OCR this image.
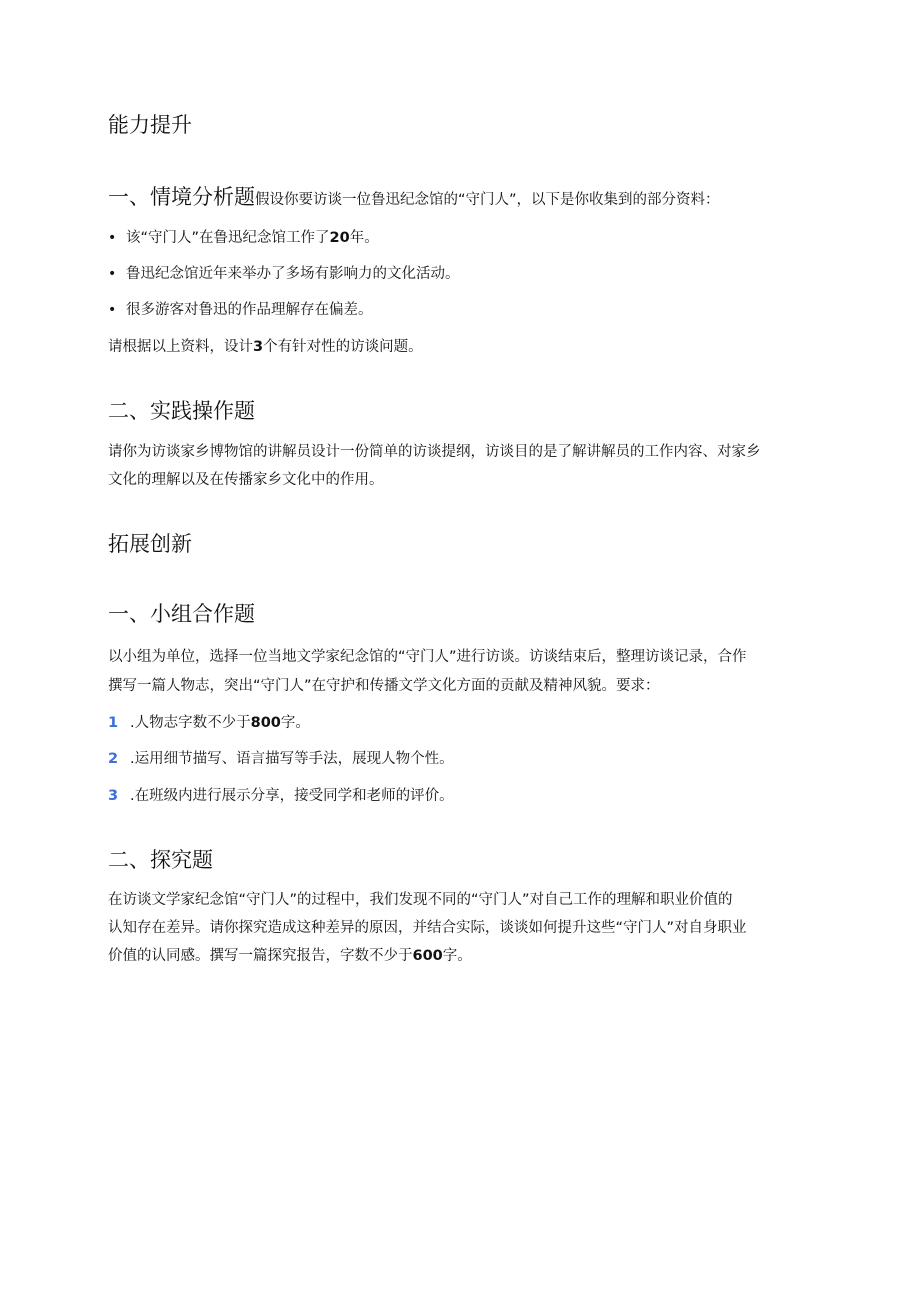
能力提升
一、情境分析题假设你要访谈一位鲁迅纪念馆的“守门人”，以下是你收集到的部分资料：
• 该“守门人”在鲁迅纪念馆工作了20年。
• 鲁迅纪念馆近年来举办了多场有影响力的文化活动。
• 很多游客对鲁迅的作品理解存在偏差。

请根据以上资料，设计3个有针对性的访谈问题。

二、实践操作题

请你为访谈家乡博物馆的讲解员设计一份简单的访谈提纲，访谈目的是了解讲解员的工作内容、对家乡

文化的理解以及在传播家乡文化中的作用。

拓展创新
一、小组合作题

以小组为单位，选择一位当地文学家纪念馆的“守门人”进行访谈。访谈结束后，整理访谈记录，合作

撰写一篇人物志，突出“守门人”在守护和传播文学文化方面的贡献及精神风貌。要求：

1 .人物志字数不少于800字。
2 .运用细节描写、语言描写等手法，展现人物个性。
3 .在班级内进行展示分享，接受同学和老师的评价。
二、探究题

在访谈文学家纪念馆“守门人”的过程中，我们发现不同的“守门人”对自己工作的理解和职业价值的

认知存在差异。请你探究造成这种差异的原因，并结合实际，谈谈如何提升这些“守门人”对自身职业

价值的认同感。撰写一篇探究报告，字数不少于600字。
